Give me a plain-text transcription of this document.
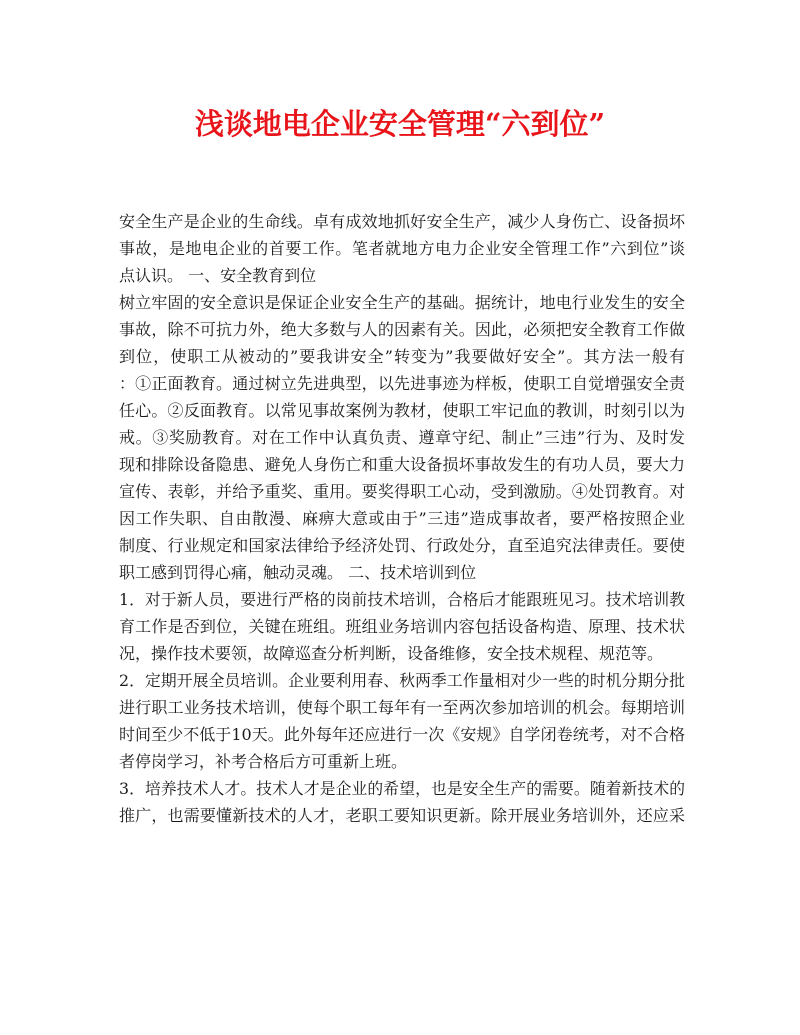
浅谈地电企业安全管理“六到位”
安全生产是企业的生命线。卓有成效地抓好安全生产，减少人身伤亡、设备损坏
事故，是地电企业的首要工作。笔者就地方电力企业安全管理工作”六到位”谈
点认识。 一、安全教育到位
树立牢固的安全意识是保证企业安全生产的基础。据统计，地电行业发生的安全
事故，除不可抗力外，绝大多数与人的因素有关。因此，必须把安全教育工作做
到位，使职工从被动的”要我讲安全”转变为”我要做好安全”。其方法一般有
：①正面教育。通过树立先进典型，以先进事迹为样板，使职工自觉增强安全责
任心。②反面教育。以常见事故案例为教材，使职工牢记血的教训，时刻引以为
戒。③奖励教育。对在工作中认真负责、遵章守纪、制止”三违”行为、及时发
现和排除设备隐患、避免人身伤亡和重大设备损坏事故发生的有功人员，要大力
宣传、表彰，并给予重奖、重用。要奖得职工心动，受到激励。④处罚教育。对
因工作失职、自由散漫、麻痹大意或由于”三违”造成事故者，要严格按照企业
制度、行业规定和国家法律给予经济处罚、行政处分，直至追究法律责任。要使
职工感到罚得心痛，触动灵魂。 二、技术培训到位
1．对于新人员，要进行严格的岗前技术培训，合格后才能跟班见习。技术培训教
育工作是否到位，关键在班组。班组业务培训内容包括设备构造、原理、技术状
况，操作技术要领，故障巡查分析判断，设备维修，安全技术规程、规范等。
2．定期开展全员培训。企业要利用春、秋两季工作量相对少一些的时机分期分批
进行职工业务技术培训，使每个职工每年有一至两次参加培训的机会。每期培训
时间至少不低于10天。此外每年还应进行一次《安规》自学闭卷统考，对不合格
者停岗学习，补考合格后方可重新上班。
3．培养技术人才。技术人才是企业的希望，也是安全生产的需要。随着新技术的
推广，也需要懂新技术的人才，老职工要知识更新。除开展业务培训外，还应采
